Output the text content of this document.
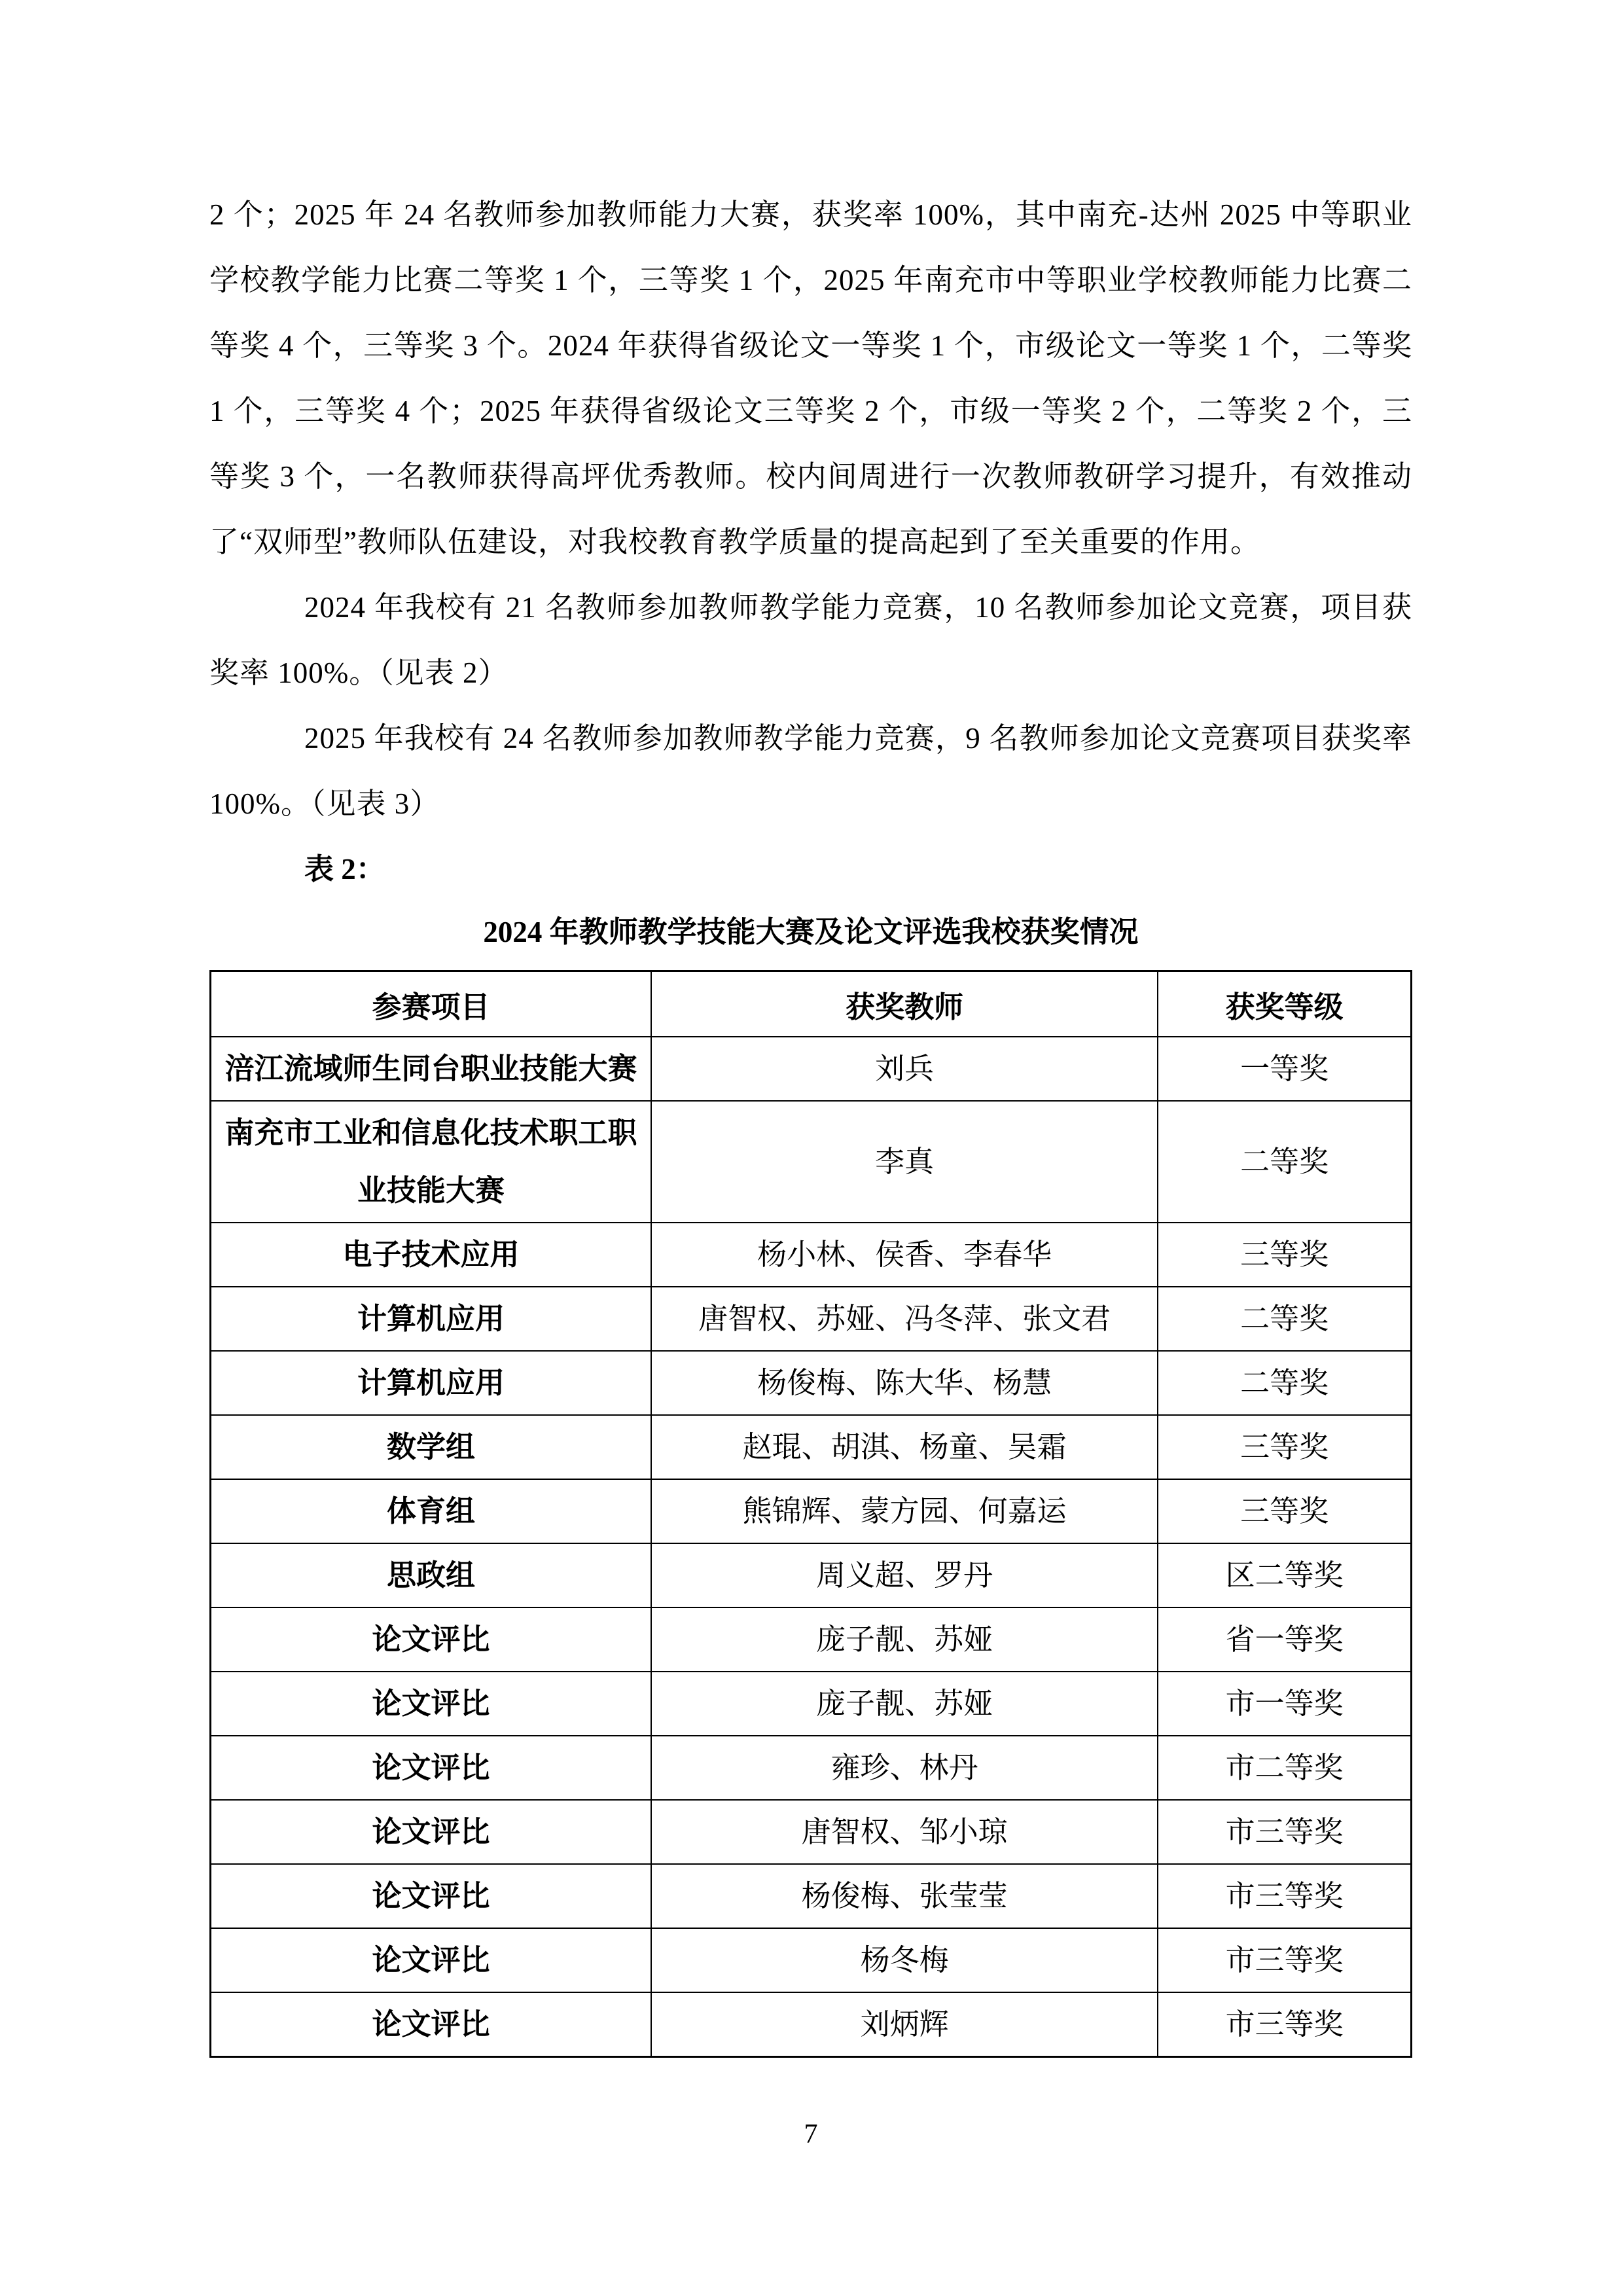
2 个；2025 年 24 名教师参加教师能力大赛，获奖率 100%，其中南充-达州 2025 中等职业学校教学能力比赛二等奖 1 个，三等奖 1 个，2025 年南充市中等职业学校教师能力比赛二等奖 4 个，三等奖 3 个。2024 年获得省级论文一等奖 1 个，市级论文一等奖 1 个，二等奖 1 个，三等奖 4 个；2025 年获得省级论文三等奖 2 个，市级一等奖 2 个，二等奖 2 个，三等奖 3 个，一名教师获得高坪优秀教师。校内间周进行一次教师教研学习提升，有效推动了“双师型”教师队伍建设，对我校教育教学质量的提高起到了至关重要的作用。

2024 年我校有 21 名教师参加教师教学能力竞赛，10 名教师参加论文竞赛，项目获奖率 100%。（见表 2）

2025 年我校有 24 名教师参加教师教学能力竞赛，9 名教师参加论文竞赛项目获奖率 100%。（见表 3）

表 2：

2024 年教师教学技能大赛及论文评选我校获奖情况

参赛项目	获奖教师	获奖等级
涪江流域师生同台职业技能大赛	刘兵	一等奖
南充市工业和信息化技术职工职业技能大赛	李真	二等奖
电子技术应用	杨小林、侯香、李春华	三等奖
计算机应用	唐智权、苏娅、冯冬萍、张文君	二等奖
计算机应用	杨俊梅、陈大华、杨慧	二等奖
数学组	赵琨、胡淇、杨童、吴霜	三等奖
体育组	熊锦辉、蒙方园、何嘉运	三等奖
思政组	周义超、罗丹	区二等奖
论文评比	庞子靓、苏娅	省一等奖
论文评比	庞子靓、苏娅	市一等奖
论文评比	雍珍、林丹	市二等奖
论文评比	唐智权、邹小琼	市三等奖
论文评比	杨俊梅、张莹莹	市三等奖
论文评比	杨冬梅	市三等奖
论文评比	刘炳辉	市三等奖
7
